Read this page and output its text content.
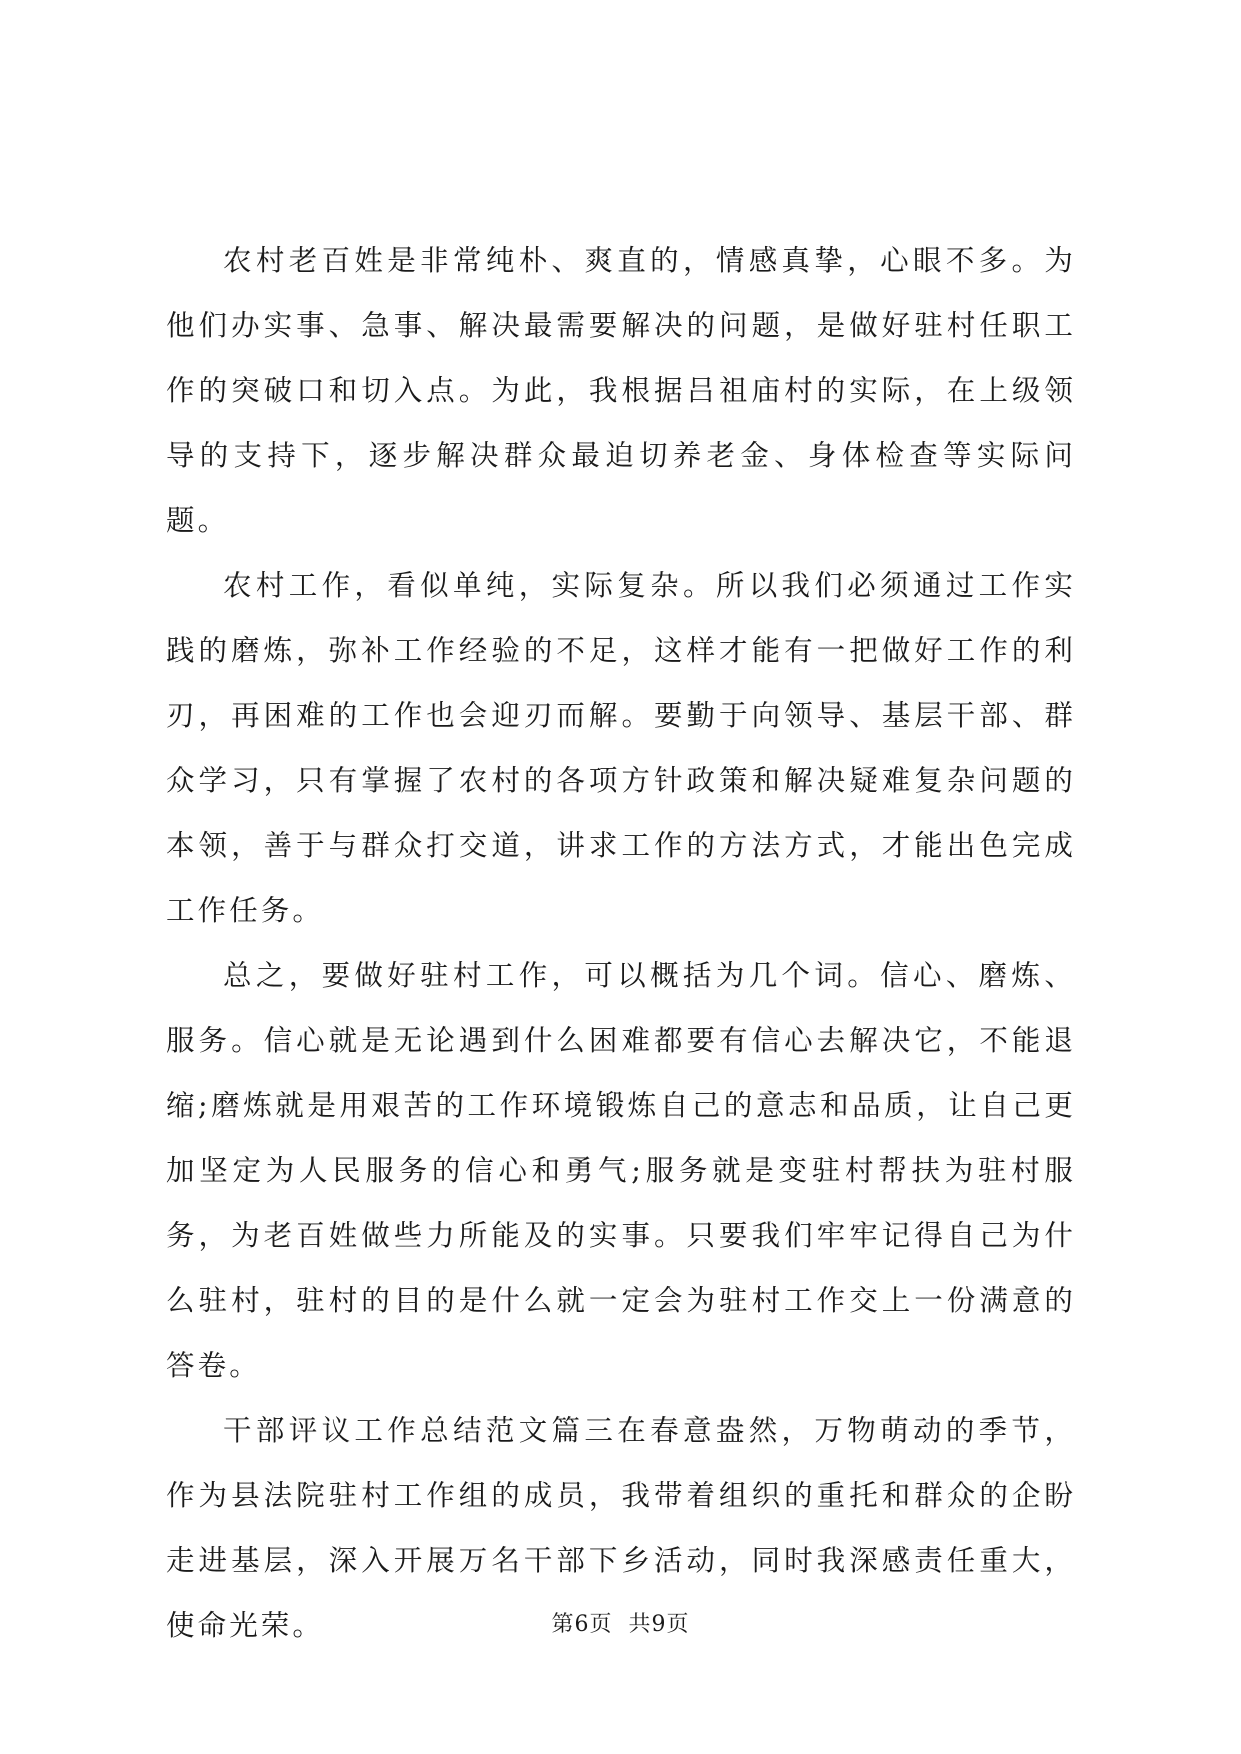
农村老百姓是非常纯朴、爽直的，情感真挚，心眼不多。为他们办实事、急事、解决最需要解决的问题，是做好驻村任职工作的突破口和切入点。为此，我根据吕祖庙村的实际，在上级领导的支持下，逐步解决群众最迫切养老金、身体检查等实际问题。

农村工作，看似单纯，实际复杂。所以我们必须通过工作实践的磨炼，弥补工作经验的不足，这样才能有一把做好工作的利刃，再困难的工作也会迎刃而解。要勤于向领导、基层干部、群众学习，只有掌握了农村的各项方针政策和解决疑难复杂问题的本领，善于与群众打交道，讲求工作的方法方式，才能出色完成工作任务。

总之，要做好驻村工作，可以概括为几个词。信心、磨炼、服务。信心就是无论遇到什么困难都要有信心去解决它，不能退缩;磨炼就是用艰苦的工作环境锻炼自己的意志和品质，让自己更加坚定为人民服务的信心和勇气;服务就是变驻村帮扶为驻村服务，为老百姓做些力所能及的实事。只要我们牢牢记得自己为什么驻村，驻村的目的是什么就一定会为驻村工作交上一份满意的答卷。

干部评议工作总结范文篇三在春意盎然，万物萌动的季节，作为县法院驻村工作组的成员，我带着组织的重托和群众的企盼走进基层，深入开展万名干部下乡活动，同时我深感责任重大，使命光荣。	第6页 共9页
